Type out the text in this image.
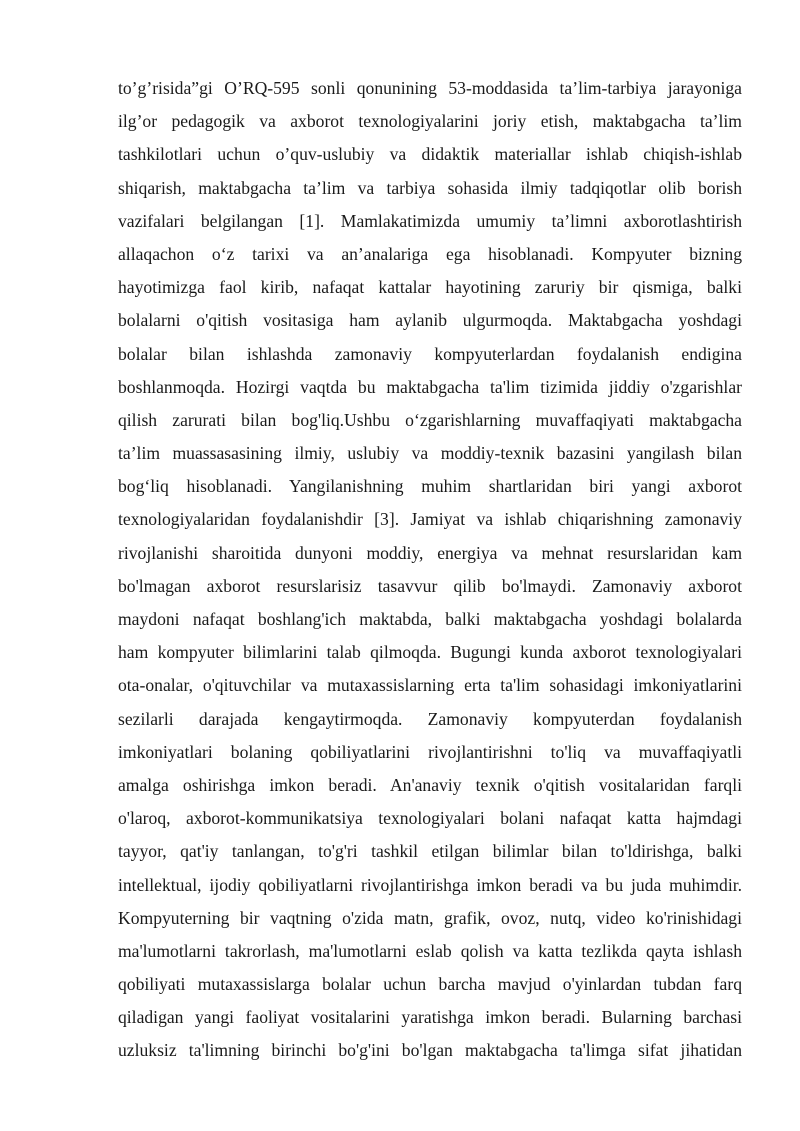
to’g’risida”gi O’RQ-595 sonli qonunining 53-moddasida ta’lim-tarbiya jarayoniga
ilg’or pedagogik va axborot texnologiyalarini joriy etish, maktabgacha ta’lim
tashkilotlari uchun o’quv-uslubiy va didaktik materiallar ishlab chiqish-ishlab
shiqarish, maktabgacha ta’lim va tarbiya sohasida ilmiy tadqiqotlar olib borish
vazifalari belgilangan [1]. Mamlakatimizda umumiy ta’limni axborotlashtirish
allaqachon o‘z tarixi va an’analariga ega hisoblanadi. Kompyuter bizning
hayotimizga faol kirib, nafaqat kattalar hayotining zaruriy bir qismiga, balki
bolalarni o'qitish vositasiga ham aylanib ulgurmoqda. Maktabgacha yoshdagi
bolalar bilan ishlashda zamonaviy kompyuterlardan foydalanish endigina
boshlanmoqda. Hozirgi vaqtda bu maktabgacha ta'lim tizimida jiddiy o'zgarishlar
qilish zarurati bilan bog'liq.Ushbu o‘zgarishlarning muvaffaqiyati maktabgacha
ta’lim muassasasining ilmiy, uslubiy va moddiy-texnik bazasini yangilash bilan
bog‘liq hisoblanadi. Yangilanishning muhim shartlaridan biri yangi axborot
texnologiyalaridan foydalanishdir [3]. Jamiyat va ishlab chiqarishning zamonaviy
rivojlanishi sharoitida dunyoni moddiy, energiya va mehnat resurslaridan kam
bo'lmagan axborot resurslarisiz tasavvur qilib bo'lmaydi. Zamonaviy axborot
maydoni nafaqat boshlang'ich maktabda, balki maktabgacha yoshdagi bolalarda
ham kompyuter bilimlarini talab qilmoqda. Bugungi kunda axborot texnologiyalari
ota-onalar, o'qituvchilar va mutaxassislarning erta ta'lim sohasidagi imkoniyatlarini
sezilarli darajada kengaytirmoqda. Zamonaviy kompyuterdan foydalanish
imkoniyatlari bolaning qobiliyatlarini rivojlantirishni to'liq va muvaffaqiyatli
amalga oshirishga imkon beradi. An'anaviy texnik o'qitish vositalaridan farqli
o'laroq, axborot-kommunikatsiya texnologiyalari bolani nafaqat katta hajmdagi
tayyor, qat'iy tanlangan, to'g'ri tashkil etilgan bilimlar bilan to'ldirishga, balki
intellektual, ijodiy qobiliyatlarni rivojlantirishga imkon beradi va bu juda muhimdir.
Kompyuterning bir vaqtning o'zida matn, grafik, ovoz, nutq, video ko'rinishidagi
ma'lumotlarni takrorlash, ma'lumotlarni eslab qolish va katta tezlikda qayta ishlash
qobiliyati mutaxassislarga bolalar uchun barcha mavjud o'yinlardan tubdan farq
qiladigan yangi faoliyat vositalarini yaratishga imkon beradi. Bularning barchasi
uzluksiz ta'limning birinchi bo'g'ini bo'lgan maktabgacha ta'limga sifat jihatidan
